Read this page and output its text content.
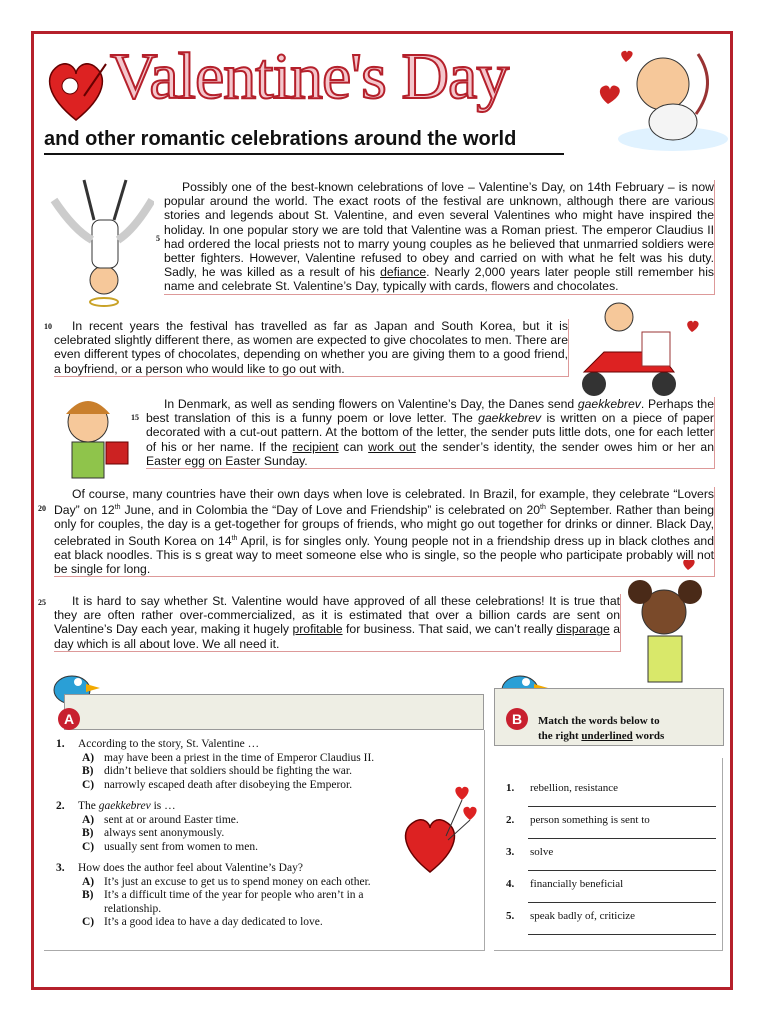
Valentine's Day
and other romantic celebrations around the world

Possibly one of the best-known celebrations of love – Valentine’s Day, on 14th February – is now popular around the world. The exact roots of the festival are unknown, although there are various stories and legends about St. Valentine, and even several Valentines who might have inspired the holiday. In one popular story we are told that Valentine was a Roman priest. The emperor Claudius II had ordered the local priests not to marry young couples as he believed that unmarried soldiers were better fighters. However, Valentine refused to obey and carried on with what he felt was his duty. Sadly, he was killed as a result of his defiance. Nearly 2,000 years later people still remember his name and celebrate St. Valentine’s Day, typically with cards, flowers and chocolates.

5

In recent years the festival has travelled as far as Japan and South Korea, but it is celebrated slightly different there, as women are expected to give chocolates to men. There are even different types of chocolates, depending on whether you are giving them to a good friend, a boyfriend, or a person who would like to go out with.

10

In Denmark, as well as sending flowers on Valentine’s Day, the Danes send gaekkebrev. Perhaps the best translation of this is a funny poem or love letter. The gaekkebrev is written on a piece of paper decorated with a cut-out pattern. At the bottom of the letter, the sender puts little dots, one for each letter of his or her name. If the recipient can work out the sender’s identity, the sender owes him or her an Easter egg on Easter Sunday.

15

Of course, many countries have their own days when love is celebrated. In Brazil, for example, they celebrate “Lovers Day” on 12th June, and in Colombia the “Day of Love and Friendship” is celebrated on 20th September. Rather than being only for couples, the day is a get-together for groups of friends, who might go out together for drinks or dinner. Black Day, celebrated in South Korea on 14th April, is for singles only. Young people not in a friendship dress up in black clothes and eat black noodles. This is s great way to meet someone else who is single, so the people who participate probably will not be single for long.

20

It is hard to say whether St. Valentine would have approved of all these celebrations! It is true that they are often rather over-commercialized, as it is estimated that over a billion cards are sent on Valentine’s Day each year, making it hugely profitable for business. That said, we can’t really disparage a day which is all about love. We all need it.

25
A
1.	According to the story, St. Valentine …
A) may have been a priest in the time of Emperor Claudius II.
B) didn’t believe that soldiers should be fighting the war.
C) narrowly escaped death after disobeying the Emperor.
2.	The gaekkebrev is …
A) sent at or around Easter time.
B) always sent anonymously.
C) usually sent from women to men.
3.	How does the author feel about Valentine’s Day?
A) It’s just an excuse to get us to spend money on each other.
B) It’s a difficult time of the year for people who aren’t in a relationship.
C) It’s a good idea to have a day dedicated to love.
B	Match the words below to
the right underlined words
1.	rebellion, resistance
2.	person something is sent to
3.	solve
4.	financially beneficial
5.	speak badly of, criticize
